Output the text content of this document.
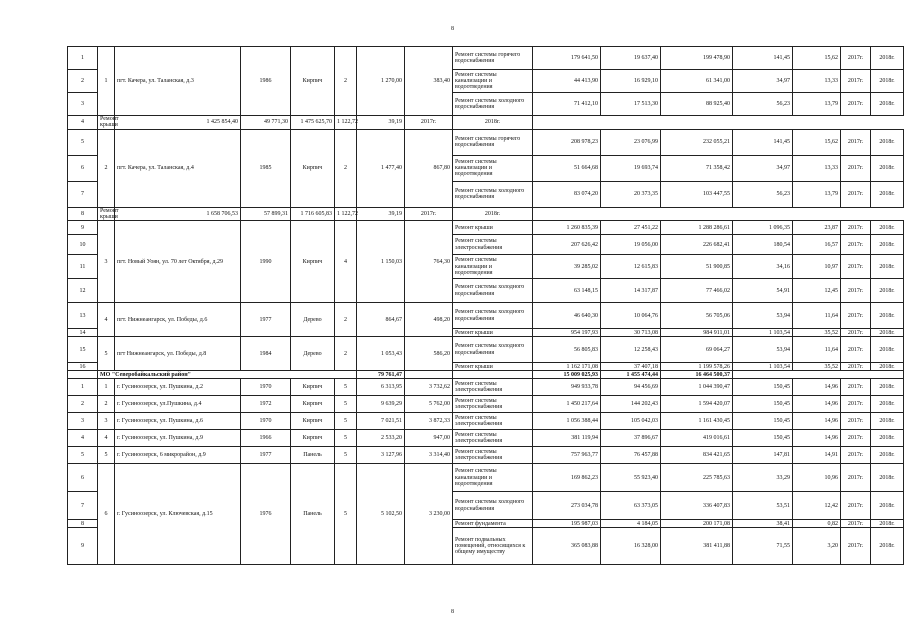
8
1	1	пгт. Качера, ул. Таланская, д.3	1986	Кирпич	2	1 270,00	383,40	Ремонт системы горячего водоснабжения	179 641,50	19 637,40	199 478,90	141,45	15,62	2017г.	2018г.
2								Ремонт системы канализации и водоотведения	44 413,90	16 929,10	61 341,00	34,97	13,33	2017г.	2018г.
3								Ремонт системы холодного водоснабжения	71 412,10	17 513,30	88 925,40	56,23	13,79	2017г.	2018г.
4	Ремонт крыши	1 425 854,40	49 771,30	1 475 625,70	1 122,72	39,19	2017г.	2018г.							
5	2	пгт. Качера, ул. Таланская, д.4	1985	Кирпич	2	1 477,40	867,80	Ремонт системы горячего водоснабжения	208 978,23	23 076,99	232 055,21	141,45	15,62	2017г.	2018г.
6								Ремонт системы канализации и водоотведения	51 664,68	19 693,74	71 358,42	34,97	13,33	2017г.	2018г.
7								Ремонт системы холодного водоснабжения	83 074,20	20 373,35	103 447,55	56,23	13,79	2017г.	2018г.
8	Ремонт крыши	1 658 706,53	57 899,31	1 716 605,83	1 122,72	39,19	2017г.	2018г.							
9	3	пгт. Новый Уоян, ул. 70 лет Октября, д.29	1990	Кирпич	4	1 150,03	764,30	Ремонт крыши	1 260 835,39	27 451,22	1 288 286,61	1 096,35	23,87	2017г.	2018г.
10								Ремонт системы электроснабжения	207 626,42	19 056,00	226 682,41	180,54	16,57	2017г.	2018г.
11								Ремонт системы канализации и водоотведения	39 285,02	12 615,83	51 900,85	34,16	10,97	2017г.	2018г.
12								Ремонт системы холодного водоснабжения	63 148,15	14 317,87	77 466,02	54,91	12,45	2017г.	2018г.
13	4	пгт. Нижнеангарск, ул. Победы, д.6	1977	Дерево	2	864,67	498,20	Ремонт системы холодного водоснабжения	46 640,30	10 064,76	56 705,06	53,94	11,64	2017г.	2018г.
14								Ремонт крыши	954 197,93	30 713,08	984 911,01	1 103,54	35,52	2017г.	2018г.
15	5	пгт Нижнеангарск, ул. Победы, д.8	1984	Дерево	2	1 053,43	586,20	Ремонт системы холодного водоснабжения	56 805,83	12 258,43	69 064,27	53,94	11,64	2017г.	2018г.
16								Ремонт крыши	1 162 171,08	37 407,18	1 199 578,26	1 103,54	35,52	2017г.	2018г.
	МО "Северобайкальский район"					79 761,47			15 009 025,93	1 455 474,44	16 464 500,37				
1	1	г. Гусиноозерск, ул. Пушкина, д.2	1970	Кирпич	5	6 313,95	3 732,62	Ремонт системы электроснабжения	949 933,78	94 456,69	1 044 390,47	150,45	14,96	2017г.	2018г.
2	2	г. Гусиноозерск, ул.Пушкина, д.4	1972	Кирпич	5	9 639,29	5 762,00	Ремонт системы электроснабжения	1 450 217,64	144 202,43	1 594 420,07	150,45	14,96	2017г.	2018г.
3	3	г. Гусиноозерск, ул. Пушкина, д.6	1970	Кирпич	5	7 021,51	3 872,33	Ремонт системы электроснабжения	1 056 388,44	105 042,03	1 161 430,45	150,45	14,96	2017г.	2018г.
4	4	г. Гусиноозерск, ул. Пушкина, д.9	1966	Кирпич	5	2 533,20	947,00	Ремонт системы электроснабжения	381 119,94	37 896,67	419 016,61	150,45	14,96	2017г.	2018г.
5	5	г. Гусиноозерск, 6 микрорайон, д.9	1977	Панель	5	3 127,96	3 314,40	Ремонт системы электроснабжения	757 963,77	76 457,88	834 421,65	147,81	14,91	2017г.	2018г.
6	6	г. Гусиноозерск, ул. Ключевская, д.15	1976	Панель	5	5 102,50	3 230,00	Ремонт системы канализации и водоотведения	169 862,23	55 923,40	225 785,63	33,29	10,96	2017г.	2018г.
7								Ремонт системы холодного водоснабжения	273 034,78	63 373,05	336 407,83	53,51	12,42	2017г.	2018г.
8								Ремонт фундамента	195 987,03	4 184,05	200 171,08	38,41	0,82	2017г.	2018г.
9								Ремонт подвальных помещений, относящихся к общему имуществу	365 083,88	16 328,00	381 411,88	71,55	3,20	2017г.	2018г.
8
